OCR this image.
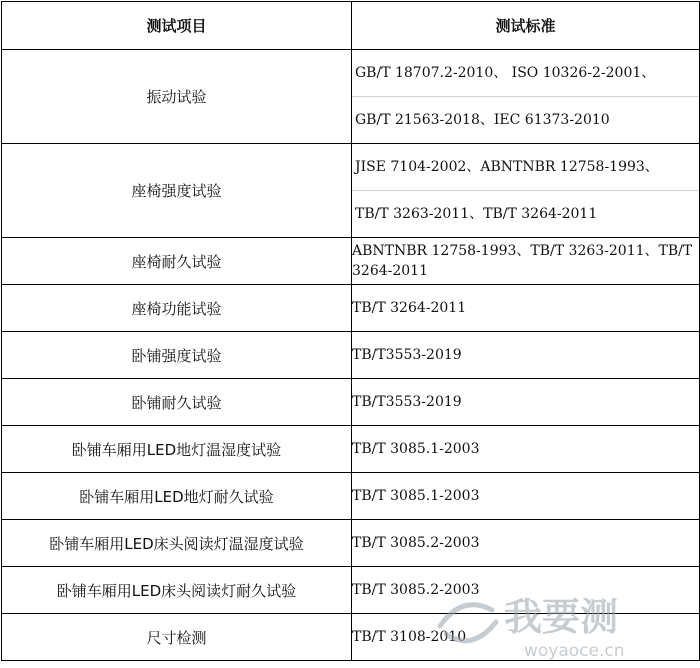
测试项目	测试标准
振动试验	GB/T 18707.2-2010、 ISO 10326-2-2001、
GB/T 21563-2018、IEC 61373-2010

座椅强度试验	JISE 7104-2002、ABNTNBR 12758-1993、
TB/T 3263-2011、TB/T 3264-2011

座椅耐久试验	ABNTNBR 12758-1993、TB/T 3263-2011、TB/T 3264-2011
座椅功能试验	TB/T 3264-2011
卧铺强度试验	TB/T3553-2019
卧铺耐久试验	TB/T3553-2019
卧铺车厢用LED地灯温湿度试验	TB/T 3085.1-2003
卧铺车厢用LED地灯耐久试验	TB/T 3085.1-2003
卧铺车厢用LED床头阅读灯温湿度试验	TB/T 3085.2-2003
卧铺车厢用LED床头阅读灯耐久试验	TB/T 3085.2-2003
尺寸检测	TB/T 3108-2010 我要测
woyaoce.cn
